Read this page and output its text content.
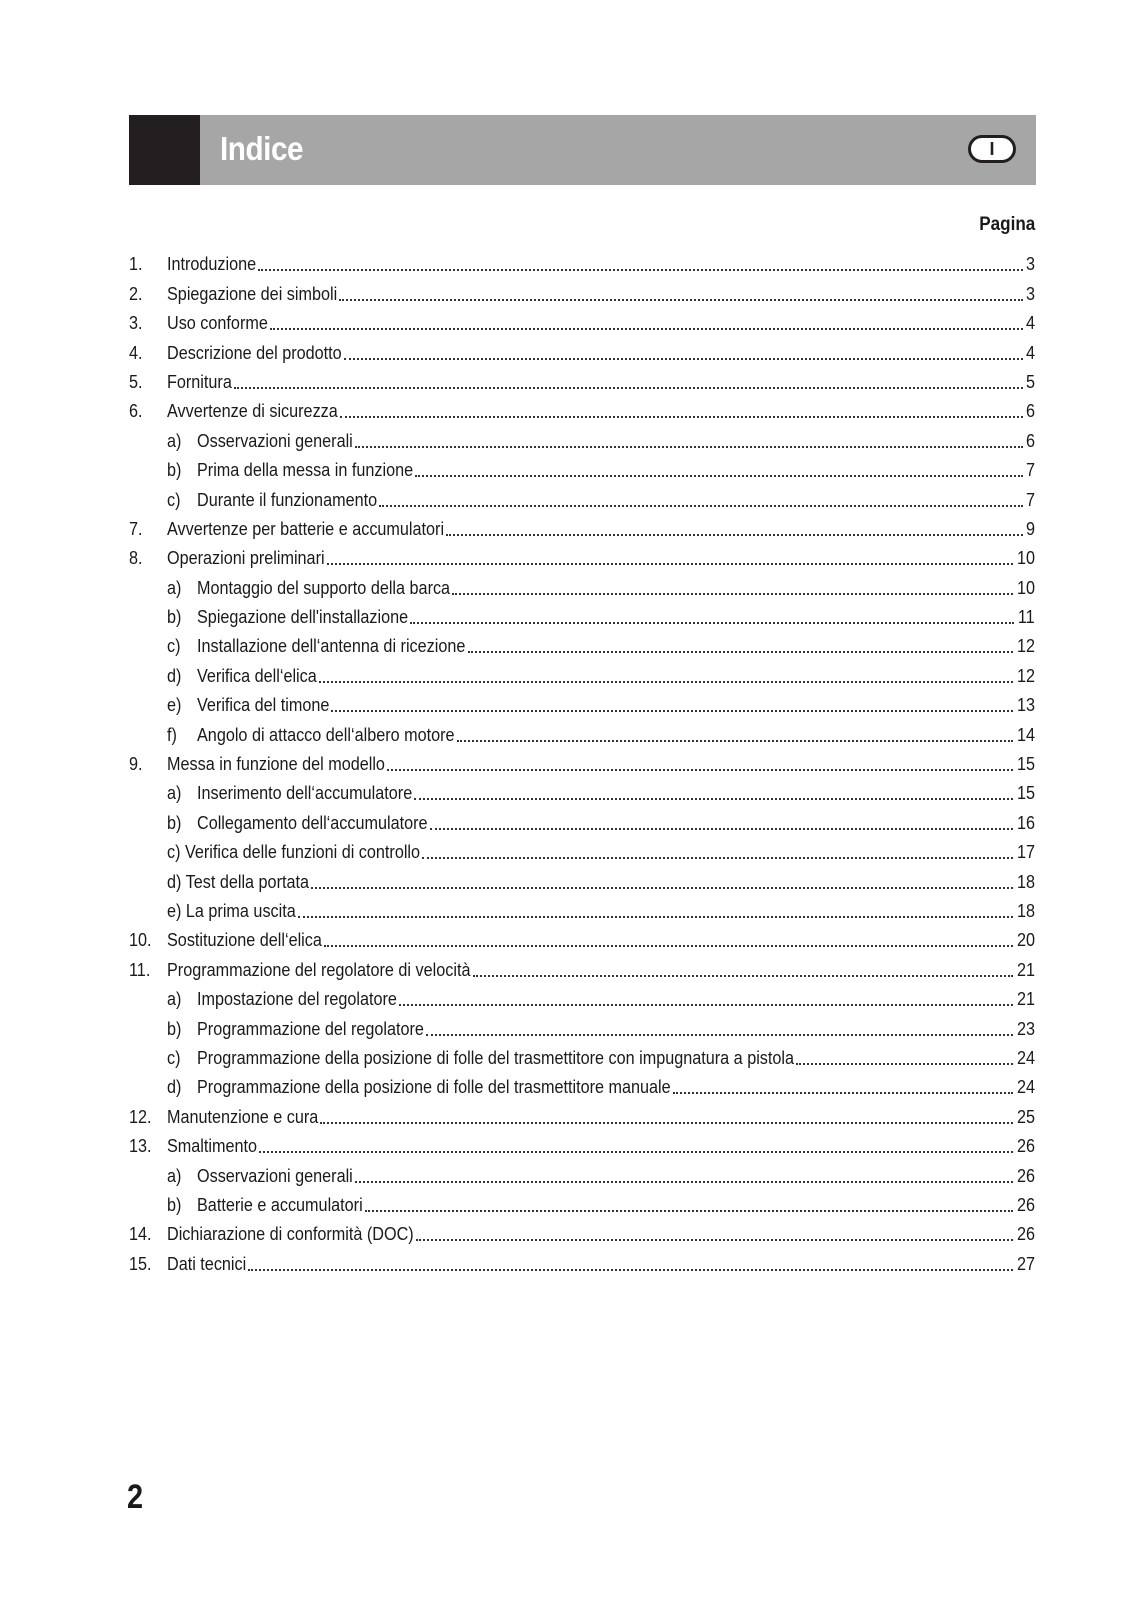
Indice	I
Pagina
1. Introduzione	3
2. Spiegazione dei simboli	3
3. Uso conforme	4
4. Descrizione del prodotto	4
5. Fornitura	5
6. Avvertenze di sicurezza	6
a) Osservazioni generali	6
b) Prima della messa in funzione	7
c) Durante il funzionamento	7
7. Avvertenze per batterie e accumulatori	9
8. Operazioni preliminari	10
a) Montaggio del supporto della barca	10
b) Spiegazione dell'installazione	11
c) Installazione dell‘antenna di ricezione	12
d) Verifica dell‘elica	12
e) Verifica del timone	13
f)	Angolo di attacco dell‘albero motore	14
9. Messa in funzione del modello	15
a) Inserimento dell‘accumulatore	15
b) Collegamento dell‘accumulatore	16
c) Verifica delle funzioni di controllo	17
d) Test della portata	18
e) La prima uscita	18
10. Sostituzione dell‘elica	20
11. Programmazione del regolatore di velocità	21
a) Impostazione del regolatore	21
b) Programmazione del regolatore	23
c) Programmazione della posizione di folle del trasmettitore con impugnatura a pistola	24
d) Programmazione della posizione di folle del trasmettitore manuale	24
12. Manutenzione e cura	25
13. Smaltimento	26
a) Osservazioni generali	26
b) Batterie e accumulatori	26
14. Dichiarazione di conformità (DOC)	26
15. Dati tecnici	27
2
